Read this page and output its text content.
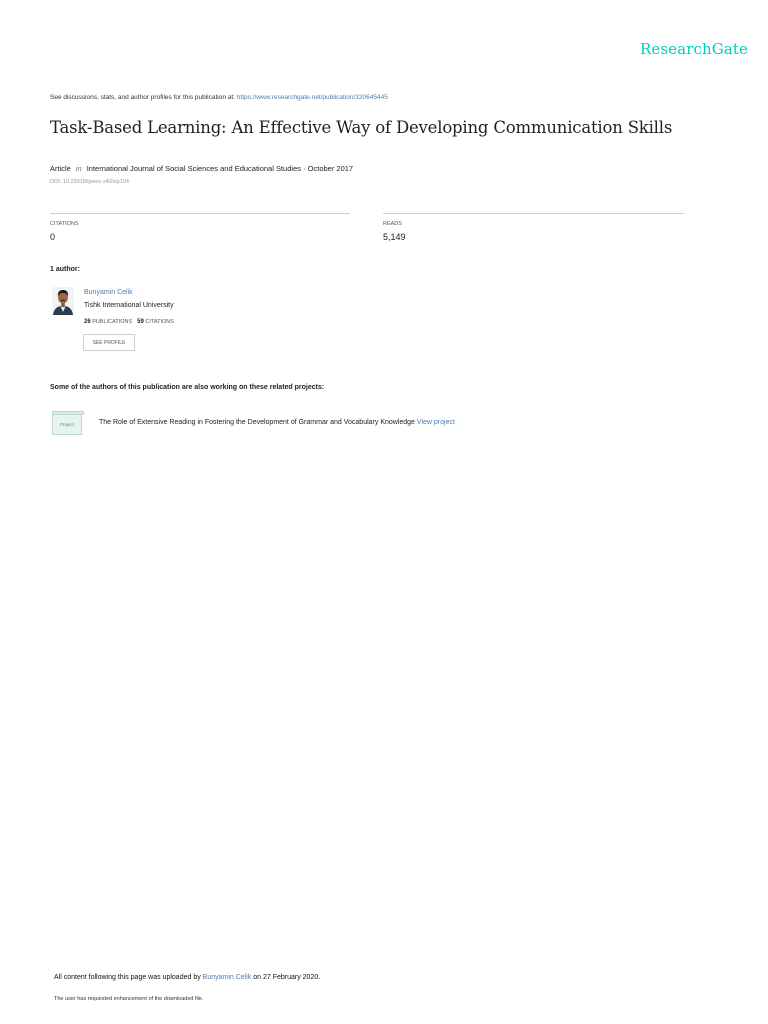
ResearchGate
See discussions, stats, and author profiles for this publication at: https://www.researchgate.net/publication/320645445
Task-Based Learning: An Effective Way of Developing Communication Skills
Article in International Journal of Social Sciences and Educational Studies · October 2017
DOI: 10.23918/ijsses.v4i2sip104
CITATIONS
0
READS
5,149
1 author:
Bunyamin Celik
Tishk International University
26 PUBLICATIONS 59 CITATIONS
SEE PROFILE
Some of the authors of this publication are also working on these related projects:
Project	The Role of Extensive Reading in Fostering the Development of Grammar and Vocabulary Knowledge View project
All content following this page was uploaded by Bunyamin Celik on 27 February 2020.
The user has requested enhancement of the downloaded file.
